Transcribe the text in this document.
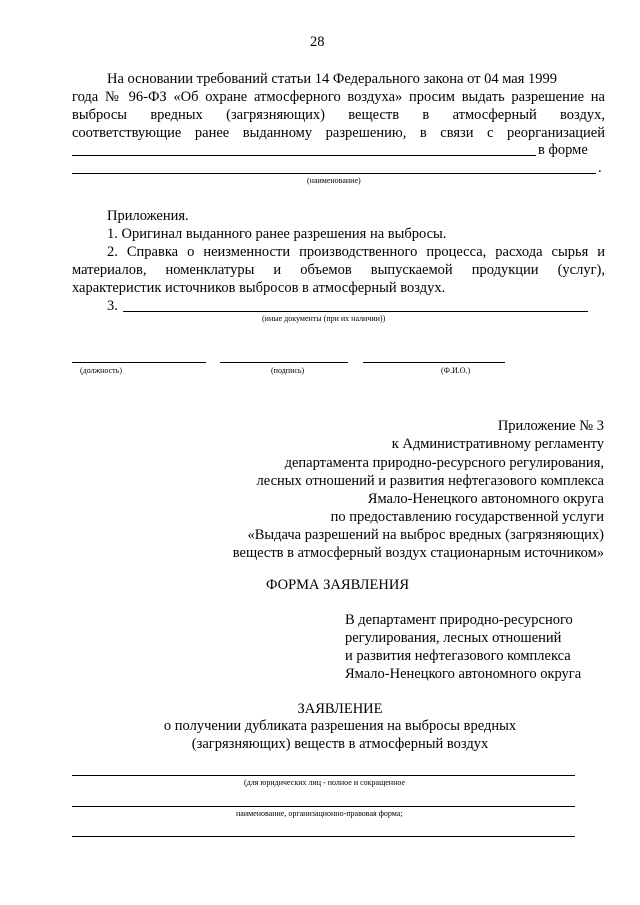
28
На основании требований статьи 14 Федерального закона от 04 мая 1999
года № 96-ФЗ «Об охране атмосферного воздуха» просим выдать разрешение на
выбросы вредных (загрязняющих) веществ в атмосферный воздух,
соответствующие ранее выданному разрешению, в связи с реорганизацией
в форме
.
(наименование)
Приложения.
1. Оригинал выданного ранее разрешения на выбросы.
2. Справка о неизменности производственного процесса, расхода сырья и
материалов, номенклатуры и объемов выпускаемой продукции (услуг),
характеристик источников выбросов в атмосферный воздух.
3.
(иные документы (при их наличии))
(должность)	(подпись)	(Ф.И.О.)
Приложение № 3
к Административному регламенту
департамента природно-ресурсного регулирования,
лесных отношений и развития нефтегазового комплекса
Ямало-Ненецкого автономного округа
по предоставлению государственной услуги
«Выдача разрешений на выброс вредных (загрязняющих)
веществ в атмосферный воздух стационарным источником»
ФОРМА ЗАЯВЛЕНИЯ
В департамент природно-ресурсного
регулирования, лесных отношений
и развития нефтегазового комплекса
Ямало-Ненецкого автономного округа
ЗАЯВЛЕНИЕ
о получении дубликата разрешения на выбросы вредных
(загрязняющих) веществ в атмосферный воздух
(для юридических лиц - полное и сокращенное
наименование, организационно-правовая форма;
